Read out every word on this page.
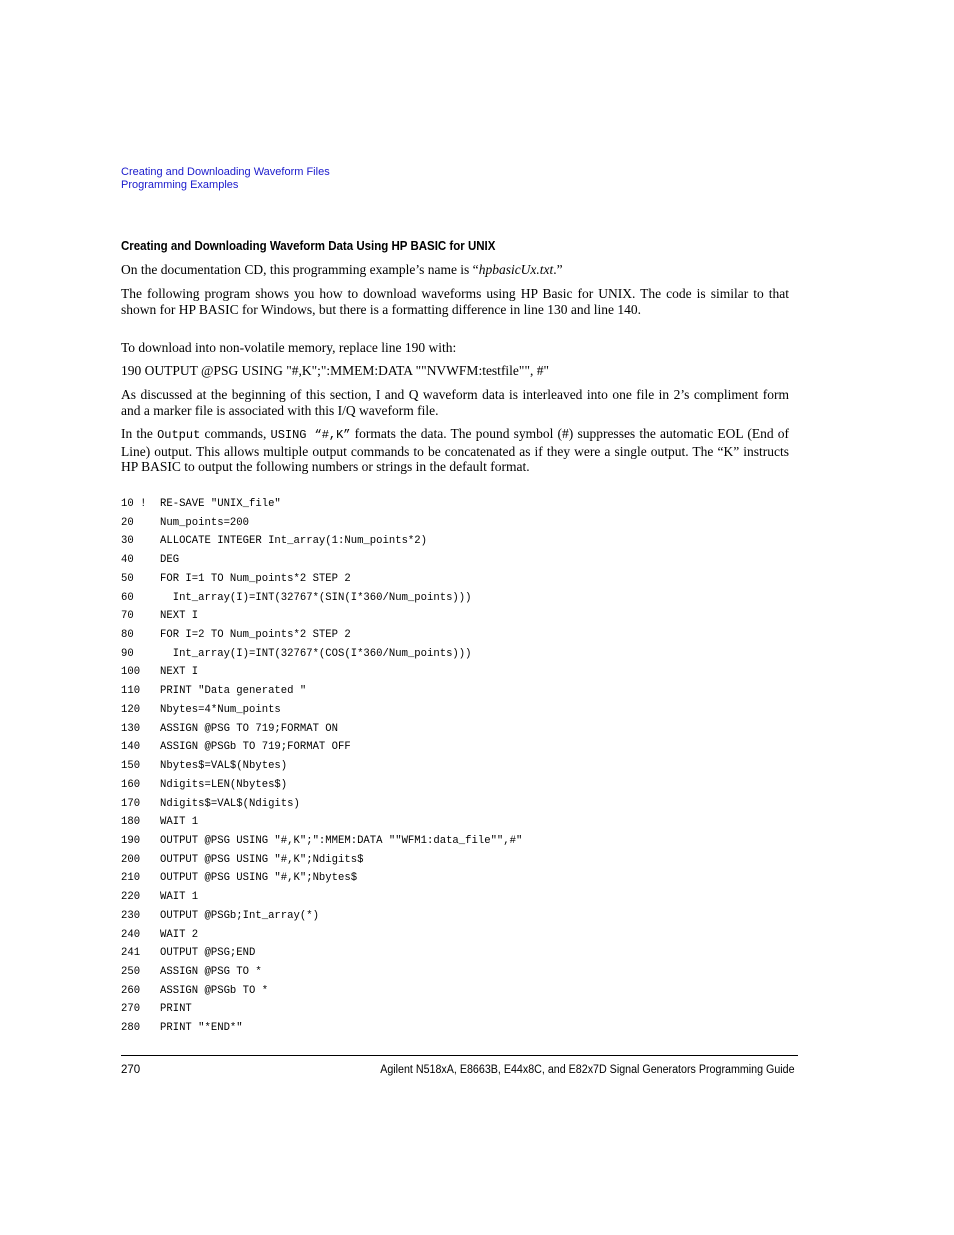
Creating and Downloading Waveform Files
Programming Examples
Creating and Downloading Waveform Data Using HP BASIC for UNIX
On the documentation CD, this programming example’s name is “hpbasicUx.txt.”
The following program shows you how to download waveforms using HP Basic for UNIX. The code is similar to that shown for HP BASIC for Windows, but there is a formatting difference in line 130 and line 140.
To download into non-volatile memory, replace line 190 with:
190 OUTPUT @PSG USING "#,K";":MMEM:DATA ""NVWFM:testfile"", #"
As discussed at the beginning of this section, I and Q waveform data is interleaved into one file in 2’s compliment form and a marker file is associated with this I/Q waveform file.
In the Output commands, USING “#,K” formats the data. The pound symbol (#) suppresses the automatic EOL (End of Line) output. This allows multiple output commands to be concatenated as if they were a single output. The “K” instructs HP BASIC to output the following numbers or strings in the default format.
10 ! RE-SAVE "UNIX_file"
20 Num_points=200
30 ALLOCATE INTEGER Int_array(1:Num_points*2)
40 DEG
50 FOR I=1 TO Num_points*2 STEP 2
60 Int_array(I)=INT(32767*(SIN(I*360/Num_points)))
70 NEXT I
80 FOR I=2 TO Num_points*2 STEP 2
90 Int_array(I)=INT(32767*(COS(I*360/Num_points)))
100 NEXT I
110 PRINT "Data generated "
120 Nbytes=4*Num_points
130 ASSIGN @PSG TO 719;FORMAT ON
140 ASSIGN @PSGb TO 719;FORMAT OFF
150 Nbytes$=VAL$(Nbytes)
160 Ndigits=LEN(Nbytes$)
170 Ndigits$=VAL$(Ndigits)
180 WAIT 1
190 OUTPUT @PSG USING "#,K";":MMEM:DATA ""WFM1:data_file"",#"
200 OUTPUT @PSG USING "#,K";Ndigits$
210 OUTPUT @PSG USING "#,K";Nbytes$
220 WAIT 1
230 OUTPUT @PSGb;Int_array(*)
240 WAIT 2
241 OUTPUT @PSG;END
250 ASSIGN @PSG TO *
260 ASSIGN @PSGb TO *
270 PRINT
280 PRINT "*END*"
270	Agilent N518xA, E8663B, E44x8C, and E82x7D Signal Generators Programming Guide
